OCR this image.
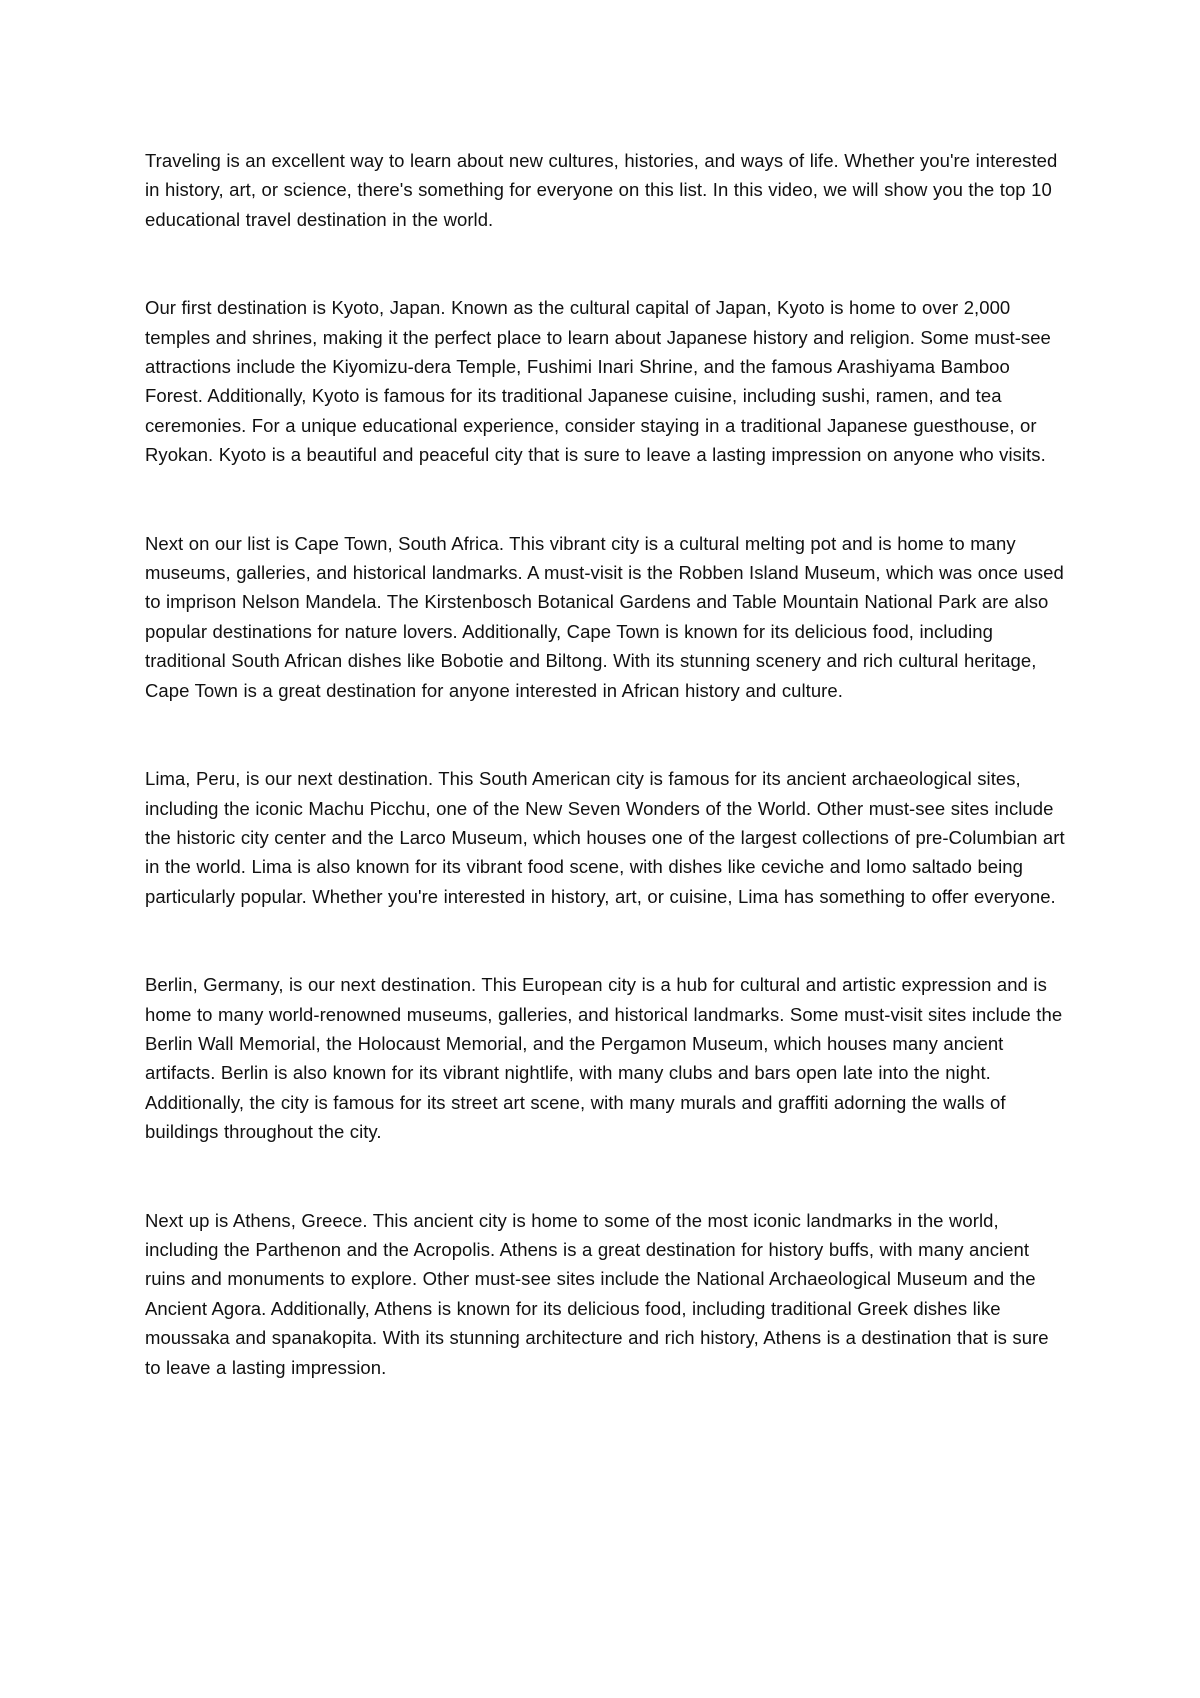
Traveling is an excellent way to learn about new cultures, histories, and ways of life. Whether you're interested in history, art, or science, there's something for everyone on this list. In this video, we will show you the top 10 educational travel destination in the world.

Our first destination is Kyoto, Japan. Known as the cultural capital of Japan, Kyoto is home to over 2,000 temples and shrines, making it the perfect place to learn about Japanese history and religion. Some must-see attractions include the Kiyomizu-dera Temple, Fushimi Inari Shrine, and the famous Arashiyama Bamboo Forest. Additionally, Kyoto is famous for its traditional Japanese cuisine, including sushi, ramen, and tea ceremonies. For a unique educational experience, consider staying in a traditional Japanese guesthouse, or Ryokan. Kyoto is a beautiful and peaceful city that is sure to leave a lasting impression on anyone who visits.

Next on our list is Cape Town, South Africa. This vibrant city is a cultural melting pot and is home to many museums, galleries, and historical landmarks. A must-visit is the Robben Island Museum, which was once used to imprison Nelson Mandela. The Kirstenbosch Botanical Gardens and Table Mountain National Park are also popular destinations for nature lovers. Additionally, Cape Town is known for its delicious food, including traditional South African dishes like Bobotie and Biltong. With its stunning scenery and rich cultural heritage, Cape Town is a great destination for anyone interested in African history and culture.

Lima, Peru, is our next destination. This South American city is famous for its ancient archaeological sites, including the iconic Machu Picchu, one of the New Seven Wonders of the World. Other must-see sites include the historic city center and the Larco Museum, which houses one of the largest collections of pre-Columbian art in the world. Lima is also known for its vibrant food scene, with dishes like ceviche and lomo saltado being particularly popular. Whether you're interested in history, art, or cuisine, Lima has something to offer everyone.

Berlin, Germany, is our next destination. This European city is a hub for cultural and artistic expression and is home to many world-renowned museums, galleries, and historical landmarks. Some must-visit sites include the Berlin Wall Memorial, the Holocaust Memorial, and the Pergamon Museum, which houses many ancient artifacts. Berlin is also known for its vibrant nightlife, with many clubs and bars open late into the night. Additionally, the city is famous for its street art scene, with many murals and graffiti adorning the walls of buildings throughout the city.

Next up is Athens, Greece. This ancient city is home to some of the most iconic landmarks in the world, including the Parthenon and the Acropolis. Athens is a great destination for history buffs, with many ancient ruins and monuments to explore. Other must-see sites include the National Archaeological Museum and the Ancient Agora. Additionally, Athens is known for its delicious food, including traditional Greek dishes like moussaka and spanakopita. With its stunning architecture and rich history, Athens is a destination that is sure to leave a lasting impression.
